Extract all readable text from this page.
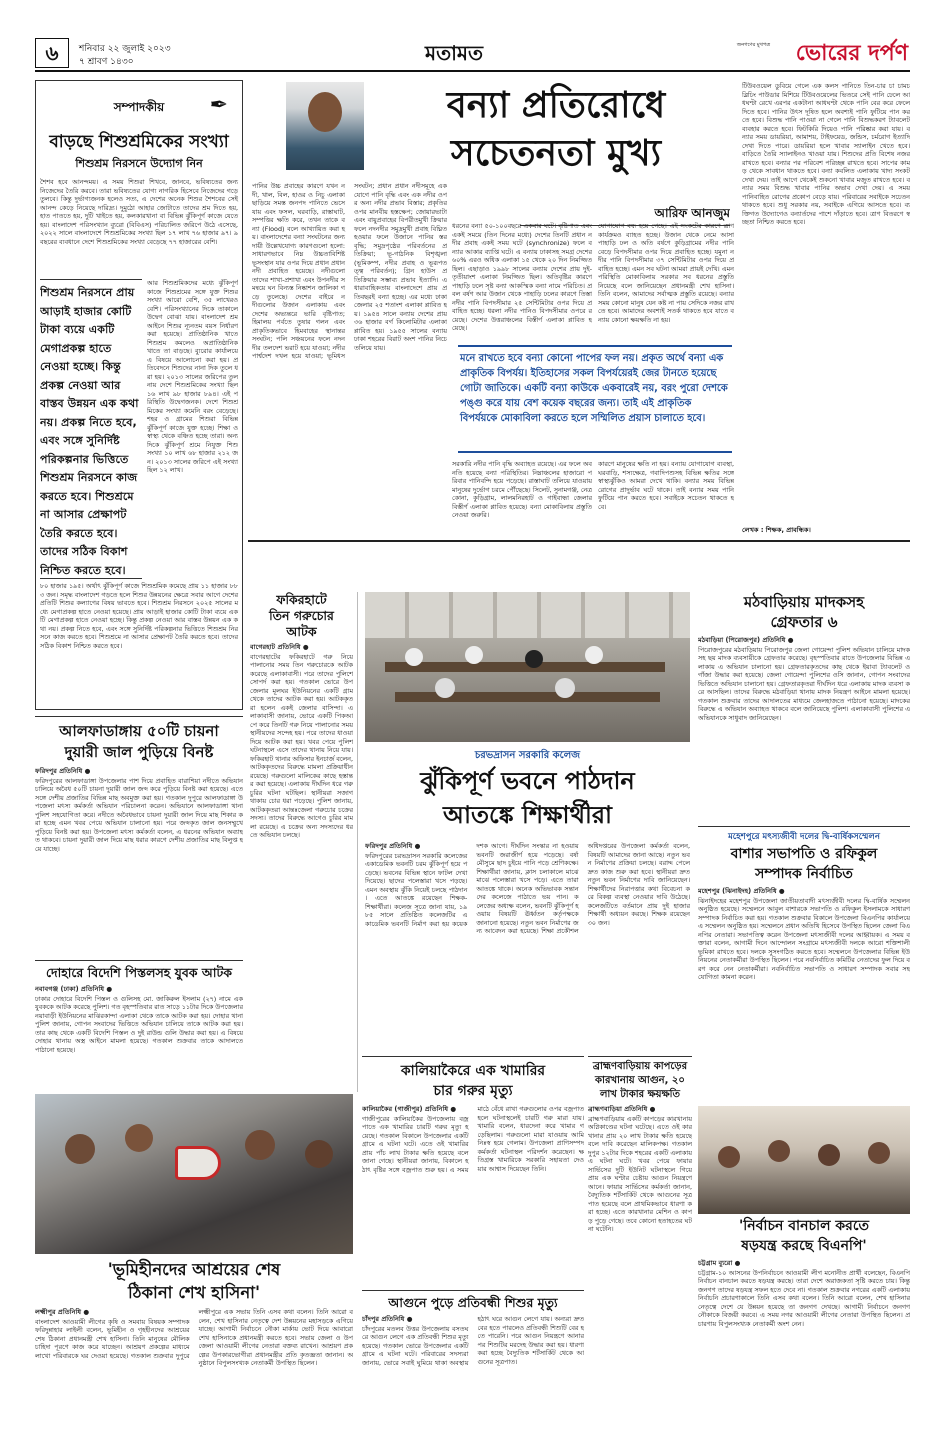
৬	শনিবার ২২ জুলাই ২০২৩
৭ শ্রাবণ ১৪৩০	মতামত	জনগণের মুখপত্র ভোরের দর্পণ
সম্পাদকীয়	✒
বাড়ছে শিশুশ্রমিকের সংখ্যা
শিশুশ্রম নিরসনে উদ্যোগ নিন
শৈশব হবে আনন্দময়। এ সময় শিশুরা শিখবে, জানবে, ভবিষ্যতের জন্য নিজেদের তৈরি করবে। তারা ভবিষ্যতের যোগ্য নাগরিক হিসেবে নিজেদের গড়ে তুলবে। কিন্তু দুর্ভাগ্যজনক হলেও সত্য, এ দেশের অনেক শিশুর শৈশবের সেই আনন্দ কেড়ে নিয়েছে দারিদ্র্য। দুমুঠো আহার জোটাতে তাদের শ্রম দিতে হয়, হাত পাততে হয়, দুটি খাইতে হয়, কলকারখানা বা বিভিন্ন ঝুঁকিপূর্ণ কাজে যেতে হয়। বাংলাদেশ পরিসংখ্যান ব্যুরো (বিবিএস) পরিচালিত জরিপে উঠে এসেছে, ২০২২ সালে বাংলাদেশে শিশুশ্রমিকের সংখ্যা ছিল ১৭ লাখ ৭৬ হাজার ৯৭। ৯ বছরের ব্যবধানে দেশে শিশুশ্রমিকের সংখ্যা বেড়েছে ৭৭ হাজারের বেশি।
শিশুশ্রম নিরসনে প্রায় আড়াই হাজার কোটি টাকা ব্যয়ে একটি মেগাপ্রকল্প হাতে নেওয়া হচ্ছে। কিন্তু প্রকল্প নেওয়া আর বাস্তব উন্নয়ন এক কথা নয়। প্রকল্প নিতে হবে, এবং সঙ্গে সুনির্দিষ্ট পরিকল্পনার ভিত্তিতে শিশুশ্রম নিরসনে কাজ করতে হবে। শিশুশ্রমে না আসার প্রেক্ষাপট তৈরি করতে হবে। তাদের সঠিক বিকাশ নিশ্চিত করতে হবে।
আর শিশুশ্রমিকদের মধ্যে ঝুঁকিপূর্ণ কাজে শিশুশ্রমের সঙ্গে যুক্ত শিশুর সংখ্যা আরো বেশি, ৩৫ লাখেরও বেশি। পরিসংখ্যানের দিকে তাকালে উদ্বেগ বোঝা যায়। বাংলাদেশ শ্রম আইনে শিশুর ন্যূনতম বয়স নির্ধারণ করা হয়েছে। প্রাতিষ্ঠানিক খাতে শিশুশ্রম কমলেও অপ্রাতিষ্ঠানিক খাতে তা বাড়ছে। ব্যুরোর কার্যালয়ে এ বিষয়ে আলোচনা করা হয়। প্রতিবেদনে শিশুদের নানা দিক তুলে ধরা হয়। ২০১৩ সালের জরিপের তুলনায় দেশে শিশুশ্রমিকের সংখ্যা ছিল ১৬ লাখ ৯৮ হাজার ৮৯৪। এই পরিস্থিতি উদ্বেগজনক। দেশে শিশুশ্রমিকের সংখ্যা কমেনি বরং বেড়েছে। শহর ও গ্রামের শিশুরা বিভিন্ন ঝুঁকিপূর্ণ কাজে যুক্ত হচ্ছে। শিক্ষা ও স্বাস্থ্য থেকে বঞ্চিত হচ্ছে তারা। অন্য দিকে ঝুঁকিপূর্ণ শ্রমে নিযুক্ত শিশু সংখ্যা ১০ লাখ ৬৮ হাজার ২১২ জন। ২০১৩ সালের জরিপে এই সংখ্যা ছিল ১২ লাখ।
৮০ হাজার ১৯৫। অর্থাৎ ঝুঁকিপূর্ণ কাজে শিশুশ্রমিক কমেছে প্রায় ১১ হাজার ৮৮৩ জন। সমৃদ্ধ বাংলাদেশ গড়তে হলে শিশুর উন্নয়নের ক্ষেত্রে সবার আগে দেশের প্রতিটি শিশুর কল্যাণের বিষয় ভাবতে হবে। শিশুশ্রম নিরসনে ২০২৫ সালের মধ্যে মেগাপ্রকল্প হাতে নেওয়া হয়েছে। প্রায় আড়াই হাজার কোটি টাকা ব্যয়ে একটি মেগাপ্রকল্প হাতে নেওয়া হচ্ছে। কিন্তু প্রকল্প নেওয়া আর বাস্তব উন্নয়ন এক কথা নয়। প্রকল্প নিতে হবে, এবং সঙ্গে সুনির্দিষ্ট পরিকল্পনার ভিত্তিতে শিশুশ্রম নিরসনে কাজ করতে হবে। শিশুশ্রমে না আসার প্রেক্ষাপট তৈরি করতে হবে। তাদের সঠিক বিকাশ নিশ্চিত করতে হবে।
বন্যা প্রতিরোধে
সচেতনতা মুখ্য
আরিফ আনজুম
পানির উচ্চ প্রবাহের কারণে যখন নদী, খাল, বিল, হাওর ও নিচু এলাকা ছাড়িয়ে সমস্ত জনপদ পানিতে ভেসে যায় এবং ফসল, ঘরবাড়ি, রাস্তাঘাট, সম্পত্তির ক্ষতি করে, তখন তাকে বন্যা (Flood) বলে আখ্যায়িত করা হয়। বাংলাদেশের বন্যা সংঘটনের জন্য দায়ী উল্লেখযোগ্য কারণগুলো হলো: সাধারণভাবে নিম্ন উচ্চতাবিশিষ্ট ভূসংস্থান যার ওপর দিয়ে প্রধান প্রধান নদী প্রবাহিত হয়েছে। নদীগুলো তাদের শাখা-প্রশাখা এবং উপনদীর সমন্বয়ে ঘন বিন্যস্ত নিষ্কাশন জালিকা গড়ে তুলেছে। দেশের বাইরে নদীগুলোর উজান এলাকায় এবং দেশের অভ্যন্তরে ভারি বৃষ্টিপাত; হিমালয় পর্বতে তুষার গলন এবং প্রাকৃতিকভাবে হিমবাহের স্থানান্তর সংঘটন; পলি সঞ্চয়নের ফলে নদনদীর তলদেশ ভরাট হয়ে যাওয়া; নদীর পার্শ্বদেশ দখল হয়ে যাওয়া; ভূমিধস সংঘটন; প্রধান প্রধান নদীসমূহে একযোগে পানি বৃদ্ধি এবং এক নদীর ওপর অন্য নদীর প্রভাব বিস্তার; প্রকৃতির ওপর মানবীয় হস্তক্ষেপ; জোয়ারভাটা এবং বায়ুপ্রবাহের বিপরীতমুখী ক্রিয়ার ফলে নদনদীর সমুদ্রমুখী প্রবাহ বিঘ্নিত হওয়ার ফলে উজানে পানির স্তর বৃদ্ধি; সমুদ্রপৃষ্ঠের পরিবর্তনের প্রতিক্রিয়া; ভূ-গাঠনিক বিশৃঙ্খলা (ভূমিকম্প, নদীর প্রবাহ ও ভূরূপতত্ত্ব পরিবর্তন); গ্রিন হাউস প্রতিক্রিয়ার সম্ভাব্য প্রভাব ইত্যাদি। এ ধারাবাহিকতায় বাংলাদেশে প্রায় প্রতিবছরই বন্যা হচ্ছে। এর মধ্যে ঢাকা জেলার ২৫ শতাংশ এলাকা প্লাবিত হয়। ১৯৫৪ সালে বন্যায় দেশের প্রায় ৩৬ হাজার বর্গ কিলোমিটার এলাকা প্লাবিত হয়। ১৯৫৫ সালের বন্যায় ঢাকা শহরের বিরাট অংশ পানির নিচে তলিয়ে যায়।
ধরনের বন্যা ৫০-১০০বছরে একবার ঘটে। বৃষ্টিপাত এবং একই সময়ে (তিন দিনের মধ্যে) দেশের তিনটি প্রধান নদীর প্রবাহ একই সময় ঘটে (synchronize) ফলে বন্যার আকার ব্যাপ্তি ঘটে। এ বন্যায় ঢাকাসহ সমগ্র দেশের ৬০% এরও অধিক এলাকা ১৫ থেকে ২০ দিন নিমজ্জিত ছিল। এছাড়াও ১৯৯৮ সালের বন্যায় দেশের প্রায় দুই-তৃতীয়াংশ এলাকা নিমজ্জিত ছিল। অতিবৃষ্টির কারণে পাহাড়ি ঢলে সৃষ্ট বন্যা আকস্মিক বন্যা নামে পরিচিত। প্রবল বর্ষণ আর উজান থেকে পাহাড়ি ঢলের কারণে তিস্তা নদীর পানি বিপদসীমার ২৫ সেন্টিমিটার ওপর দিয়ে প্রবাহিত হচ্ছে। ধরলা নদীর পানিও বিপদসীমার ওপরে রয়েছে। দেশের উত্তরাঞ্চলের বিস্তীর্ণ এলাকা প্লাবিত হয়েছে।
যোগাযোগ বন্ধ হয়ে গেছে। এই সংকটের কারণে ত্রাণ কার্যক্রমও ব্যাহত হচ্ছে। উজান থেকে নেমে আসা পাহাড়ি ঢল ও অতি বর্ষণে কুড়িগ্রামের নদীর পানি বেড়ে বিপদসীমার ওপর দিয়ে প্রবাহিত হচ্ছে। যমুনা নদীর পানি বিপদসীমার ৩৭ সেন্টিমিটার ওপর দিয়ে প্রবাহিত হচ্ছে। এমন সব ঘটনা আমরা প্রায়ই দেখি। এমন পরিস্থিতি মোকাবিলায় সরকার সব ধরনের প্রস্তুতি নিয়েছে বলে জানিয়েছেন প্রধানমন্ত্রী শেখ হাসিনা। তিনি বলেন, আমাদের সর্বাত্মক প্রস্তুতি রয়েছে। বন্যার সময় কোনো মানুষ যেন কষ্ট না পায় সেদিকে নজর রাখতে হবে। আমাদের অবশ্যই সতর্ক থাকতে হবে যাতে বন্যায় কোনো ক্ষয়ক্ষতি না হয়।
মনে রাখতে হবে বন্যা কোনো পাপের ফল নয়। প্রকৃত অর্থে বন্যা এক প্রাকৃতিক বিপর্যয়। ইতিহাসের সকল বিপর্যয়েরই জের টানতে হয়েছে গোটা জাতিকে। একটি বন্যা কাউকে একবারেই নয়, বরং পুরো দেশকে পঙ্গু করে যায় বেশ কয়েক বছরের জন্য। তাই এই প্রাকৃতিক বিপর্যয়কে মোকাবিলা করতে হলে সম্মিলিত প্রয়াস চালাতে হবে।
সরকারি নদীর পানি বৃদ্ধি অব্যাহত রয়েছে। এর ফলে অবনতি হয়েছে বন্যা পরিস্থিতির। নিম্নাঞ্চলের হাজারো পরিবার পানিবন্দি হয়ে পড়েছে। রাস্তাঘাট তলিয়ে যাওয়ায় মানুষের দুর্ভোগ চরমে পৌঁছেছে। সিলেট, সুনামগঞ্জ, নেত্রকোনা, কুড়িগ্রাম, লালমনিরহাট ও গাইবান্ধা জেলার বিস্তীর্ণ এলাকা প্লাবিত হয়েছে। বন্যা মোকাবিলায় প্রস্তুতি নেওয়া জরুরি।
কারণে মানুষের ক্ষতি না হয়। বন্যায় যোগাযোগ ব্যবস্থা, ঘরবাড়ি, শস্যক্ষেত্র, গবাদিপশুসহ বিভিন্ন ক্ষতির সঙ্গে স্বাস্থ্যঝুঁকিও আমরা দেখে থাকি। বন্যার সময় বিভিন্ন রোগের প্রাদুর্ভাব ঘটে থাকে। তাই বন্যার সময় পানি ফুটিয়ে পান করতে হবে। সবাইকে সচেতন থাকতে হবে।
টিউবওয়েল ডুবিয়ে গেলে এক কলস পানিতে তিন-চার চা চামচ ব্লিচিং পাউডার মিশিয়ে টিউবওয়েলের ভিতরে সেই পানি ঢেলে আধঘণ্টা রেখে এরপর একটানা আধঘণ্টা থেকে পানি বের করে ফেলে দিতে হবে। পানির উৎস দূষিত হলে অবশ্যই পানি ফুটিয়ে পান করতে হবে। বিশুদ্ধ পানি পাওয়া না গেলে পানি বিশুদ্ধকরণ ট্যাবলেট ব্যবহার করতে হবে। ফিটকিরি দিয়েও পানি পরিষ্কার করা যায়। বন্যার সময় ডায়রিয়া, আমাশয়, টাইফয়েড, জন্ডিস, চর্মরোগ ইত্যাদি দেখা দিতে পারে। ডায়রিয়া হলে খাবার স্যালাইন খেতে হবে। বাড়িতে তৈরি স্যালাইনও খাওয়া যায়। শিশুদের প্রতি বিশেষ নজর রাখতে হবে। বন্যার পর পরিবেশ পরিচ্ছন্ন রাখতে হবে। সাপের কামড় থেকে সাবধান থাকতে হবে। বন্যা কবলিত এলাকায় খাদ্য সংকট দেখা দেয়। তাই আগে থেকেই শুকনো খাবার মজুত রাখতে হবে। বন্যার সময় বিশুদ্ধ খাবার পানির অভাব দেখা দেয়। এ সময় পানিবাহিত রোগের প্রকোপ বেড়ে যায়। পরিবারের সবাইকে সচেতন থাকতে হবে। শুধু সরকার নয়, সবাইকে এগিয়ে আসতে হবে। ব্যক্তিগত উদ্যোগেও বন্যার্তদের পাশে দাঁড়াতে হবে। ত্রাণ বিতরণে স্বচ্ছতা নিশ্চিত করতে হবে।
লেখক : শিক্ষক, প্রাবন্ধিক।
আলফাডাঙ্গায় ৫০টি চায়না
দুয়ারী জাল পুড়িয়ে বিনষ্ট
ফরিদপুর প্রতিনিধি ●
ফরিদপুরের আলফাডাঙ্গা উপজেলার পাশ দিয়ে প্রবাহিত বারাশিয়া নদীতে অভিযান চালিয়ে অবৈধ ৫০টি চায়না দুয়ারী জাল জব্দ করে পুড়িয়ে বিনষ্ট করা হয়েছে। এতে সঙ্গে দেশীয় প্রজাতির বিভিন্ন মাছ অবমুক্ত করা হয়। গতকাল দুপুরে আলফাডাঙ্গা উপজেলা মৎস্য কর্মকর্তা অভিযান পরিচালনা করেন। অভিযানে আলফাডাঙ্গা থানা পুলিশ সহযোগিতা করে। নদীতে অবৈধভাবে চায়না দুয়ারী জাল দিয়ে মাছ শিকার করা হচ্ছে এমন খবর পেয়ে অভিযান চালানো হয়। পরে জব্দকৃত জাল জনসম্মুখে পুড়িয়ে বিনষ্ট করা হয়। উপজেলা মৎস্য কর্মকর্তা বলেন, এ ধরনের অভিযান অব্যাহত থাকবে। চায়না দুয়ারী জাল দিয়ে মাছ ধরার কারণে দেশীয় প্রজাতির মাছ বিলুপ্ত হয়ে যাচ্ছে।
দোহারে বিদেশি পিস্তলসহ যুবক আটক
নবাবগঞ্জ (ঢাকা) প্রতিনিধি ●
ঢাকার দোহারে বিদেশি পিস্তল ও গুলিসহ মো. জাকিরুল ইসলাম (২৭) নামে এক যুবককে আটক করেছে পুলিশ। গত বৃহস্পতিবার রাত সাড়ে ১১টার দিকে উপজেলার নয়াবাড়ী ইউনিয়নের মাঝিরকান্দা এলাকা থেকে তাকে আটক করা হয়। দোহার থানা পুলিশ জানায়, গোপন সংবাদের ভিত্তিতে অভিযান চালিয়ে তাকে আটক করা হয়। তার কাছ থেকে একটি বিদেশি পিস্তল ও দুই রাউন্ড গুলি উদ্ধার করা হয়। এ বিষয়ে দোহার থানায় অস্ত্র আইনে মামলা হয়েছে। গতকাল শুক্রবার তাকে আদালতে পাঠানো হয়েছে।
'ভূমিহীনদের আশ্রয়ের শেষ
ঠিকানা শেখ হাসিনা'
লক্ষ্মীপুর প্রতিনিধি ●
বাংলাদেশ আওয়ামী লীগের কৃষি ও সমবায় বিষয়ক সম্পাদক ফরিদুন্নাহার লাইলী বলেন, ভূমিহীন ও গৃহহীনদের আশ্রয়ের শেষ ঠিকানা প্রধানমন্ত্রী শেখ হাসিনা। তিনি মানুষের মৌলিক চাহিদা পূরণে কাজ করে যাচ্ছেন। আশ্রয়ণ প্রকল্পের মাধ্যমে লাখো পরিবারকে ঘর দেওয়া হয়েছে। গতকাল শুক্রবার দুপুরে লক্ষ্মীপুরে এক সভায় তিনি এসব কথা বলেন। তিনি আরো বলেন, শেখ হাসিনার নেতৃত্বে দেশ উন্নয়নের মহাসড়কে এগিয়ে যাচ্ছে। আগামী নির্বাচনে নৌকা মার্কায় ভোট দিয়ে আবারো শেখ হাসিনাকে প্রধানমন্ত্রী করতে হবে। সভায় জেলা ও উপজেলা আওয়ামী লীগের নেতারা বক্তব্য রাখেন। আশ্রয়ণ প্রকল্পের উপকারভোগীরা প্রধানমন্ত্রীর প্রতি কৃতজ্ঞতা জানান। অনুষ্ঠানে বিপুলসংখ্যক নেতাকর্মী উপস্থিত ছিলেন।
ফকিরহাটে
তিন গরুচোর
আটক
বাগেরহাট প্রতিনিধি ●
বাগেরহাটের ফকিরহাটে গরু নিয়ে পালানোর সময় তিন গরুচোরকে আটক করেছে এলাকাবাসী। পরে তাদের পুলিশে সোপর্দ করা হয়। গতকাল ভোরে উপজেলার মূলঘর ইউনিয়নের একটি গ্রাম থেকে তাদের আটক করা হয়। আটককৃতরা হলেন একই জেলার বাসিন্দা। এলাকাবাসী জানায়, ভোরে একটি পিকআপে করে তিনটি গরু নিয়ে পালানোর সময় স্থানীয়দের সন্দেহ হয়। পরে তাদের ধাওয়া দিয়ে আটক করা হয়। খবর পেয়ে পুলিশ ঘটনাস্থলে এসে তাদের থানায় নিয়ে যায়। ফকিরহাট থানার অফিসার ইনচার্জ বলেন, আটককৃতদের বিরুদ্ধে মামলা প্রক্রিয়াধীন রয়েছে। গরুগুলো মালিকের কাছে হস্তান্তর করা হয়েছে। এলাকায় দীর্ঘদিন ধরে গরু চুরির ঘটনা ঘটছিল। স্থানীয়রা সজাগ থাকায় চোর ধরা পড়েছে। পুলিশ জানায়, আটককৃতরা আন্তঃজেলা গরুচোর চক্রের সদস্য। তাদের বিরুদ্ধে আগেও চুরির মামলা রয়েছে। এ চক্রের অন্য সদস্যদের ধরতে অভিযান চলছে।
চরভদ্রাসন সরকারি কলেজ
ঝুঁকিপূর্ণ ভবনে পাঠদান
আতঙ্কে শিক্ষার্থীরা
ফরিদপুর প্রতিনিধি ●
ফরিদপুরের চরভদ্রাসন সরকারি কলেজের একাডেমিক ভবনটি চরম ঝুঁকিপূর্ণ হয়ে পড়েছে। ভবনের বিভিন্ন স্থানে ফাটল দেখা দিয়েছে। ছাদের পলেস্তারা খসে পড়ছে। এমন অবস্থায় ঝুঁকি নিয়েই চলছে পাঠদান। এতে আতঙ্কে রয়েছেন শিক্ষক-শিক্ষার্থীরা। কলেজ সূত্রে জানা যায়, ১৯৮৫ সালে প্রতিষ্ঠিত কলেজটির একাডেমিক ভবনটি নির্মাণ করা হয় কয়েক দশক আগে। দীর্ঘদিন সংস্কার না হওয়ায় ভবনটি জরাজীর্ণ হয়ে পড়েছে। বর্ষা মৌসুমে ছাদ চুইয়ে পানি পড়ে শ্রেণিকক্ষে। শিক্ষার্থীরা জানায়, ক্লাস চলাকালে মাঝে মাঝে পলেস্তারা খসে পড়ে। এতে তারা আতঙ্কে থাকে। অনেক অভিভাবক সন্তানদের কলেজে পাঠাতে ভয় পান। কলেজের অধ্যক্ষ বলেন, ভবনটি ঝুঁকিপূর্ণ হওয়ায় বিষয়টি ঊর্ধ্বতন কর্তৃপক্ষকে জানানো হয়েছে। নতুন ভবন নির্মাণের জন্য আবেদন করা হয়েছে। শিক্ষা প্রকৌশল অধিদপ্তরের উপজেলা কর্মকর্তা বলেন, বিষয়টি আমাদের জানা আছে। নতুন ভবন নির্মাণের প্রক্রিয়া চলছে। বরাদ্দ পেলে দ্রুত কাজ শুরু করা হবে। স্থানীয়রা দ্রুত নতুন ভবন নির্মাণের দাবি জানিয়েছেন। শিক্ষার্থীদের নিরাপত্তার কথা বিবেচনা করে বিকল্প ব্যবস্থা নেওয়ার দাবি উঠেছে। কলেজটিতে বর্তমানে প্রায় দুই হাজার শিক্ষার্থী অধ্যয়ন করছে। শিক্ষক রয়েছেন ৩০ জন।
কালিয়াকৈরে এক খামারির
চার গরুর মৃত্যু
কালিয়াকৈর (গাজীপুর) প্রতিনিধি ●
গাজীপুরের কালিয়াকৈর উপজেলায় বজ্রপাতে এক খামারির চারটি গরুর মৃত্যু হয়েছে। গতকাল বিকালে উপজেলার একটি গ্রামে এ ঘটনা ঘটে। এতে ওই খামারির প্রায় পাঁচ লাখ টাকার ক্ষতি হয়েছে বলে জানা গেছে। স্থানীয়রা জানায়, বিকালে হঠাৎ বৃষ্টির সঙ্গে বজ্রপাত শুরু হয়। এ সময় মাঠে বেঁধে রাখা গরুগুলোর ওপর বজ্রপাত হলে ঘটনাস্থলেই চারটি গরু মারা যায়। খামারি বলেন, ধারদেনা করে খামার গড়েছিলাম। গরুগুলো মারা যাওয়ায় আমি নিঃস্ব হয়ে গেলাম। উপজেলা প্রাণিসম্পদ কর্মকর্তা ঘটনাস্থল পরিদর্শন করেছেন। ক্ষতিগ্রস্ত খামারিকে সরকারি সহায়তা দেওয়ার আশ্বাস দিয়েছেন তিনি।
আগুনে পুড়ে প্রতিবন্ধী শিশুর মৃত্যু
চাঁদপুর প্রতিনিধি ●
চাঁদপুরের মতলব উত্তর উপজেলায় বসতঘরে আগুন লেগে এক প্রতিবন্ধী শিশুর মৃত্যু হয়েছে। গতকাল ভোরে উপজেলার একটি গ্রামে এ ঘটনা ঘটে। পরিবারের সদস্যরা জানায়, ভোরে সবাই ঘুমিয়ে থাকা অবস্থায় হঠাৎ ঘরে আগুন লেগে যায়। অন্যরা দ্রুত বের হতে পারলেও প্রতিবন্ধী শিশুটি বের হতে পারেনি। পরে আগুন নিয়ন্ত্রণে আনার পর শিশুটির মরদেহ উদ্ধার করা হয়। ধারণা করা হচ্ছে বৈদ্যুতিক শর্টসার্কিট থেকে আগুনের সূত্রপাত।
ব্রাহ্মণবাড়িয়ায় কাপড়ের
কারখানায় আগুন, ২০
লাখ টাকার ক্ষয়ক্ষতি
ব্রাহ্মণবাড়িয়া প্রতিনিধি ●
ব্রাহ্মণবাড়িয়ায় একটি কাপড়ের কারখানায় অগ্নিকাণ্ডের ঘটনা ঘটেছে। এতে ওই কারখানার প্রায় ২০ লাখ টাকার ক্ষতি হয়েছে বলে দাবি করেছেন মালিকপক্ষ। গতকাল দুপুর ১২টার দিকে শহরের একটি এলাকায় এ ঘটনা ঘটে। খবর পেয়ে ফায়ার সার্ভিসের দুটি ইউনিট ঘটনাস্থলে গিয়ে প্রায় এক ঘণ্টার চেষ্টায় আগুন নিয়ন্ত্রণে আনে। ফায়ার সার্ভিসের কর্মকর্তা জানান, বৈদ্যুতিক শর্টসার্কিট থেকে আগুনের সূত্রপাত হয়েছে বলে প্রাথমিকভাবে ধারণা করা হচ্ছে। এতে কারখানার মেশিন ও কাপড় পুড়ে গেছে। তবে কোনো হতাহতের ঘটনা ঘটেনি।
মঠবাড়িয়ায় মাদকসহ
গ্রেফতার ৬
মঠবাড়িয়া (পিরোজপুর) প্রতিনিধি ●
পিরোজপুরের মঠবাড়িয়ায় পিরোজপুর জেলা গোয়েন্দা পুলিশ অভিযান চালিয়ে মাদকসহ ছয় মাদক ব্যবসায়ীকে গ্রেফতার করেছে। বৃহস্পতিবার রাতে উপজেলার বিভিন্ন এলাকায় এ অভিযান চালানো হয়। গ্রেফতারকৃতদের কাছ থেকে ইয়াবা ট্যাবলেট ও গাঁজা উদ্ধার করা হয়েছে। জেলা গোয়েন্দা পুলিশের ওসি জানান, গোপন সংবাদের ভিত্তিতে অভিযান চালানো হয়। গ্রেফতারকৃতরা দীর্ঘদিন ধরে এলাকায় মাদক ব্যবসা করে আসছিল। তাদের বিরুদ্ধে মঠবাড়িয়া থানায় মাদক নিয়ন্ত্রণ আইনে মামলা হয়েছে। গতকাল শুক্রবার তাদের আদালতের মাধ্যমে জেলহাজতে পাঠানো হয়েছে। মাদকের বিরুদ্ধে এ অভিযান অব্যাহত থাকবে বলে জানিয়েছে পুলিশ। এলাকাবাসী পুলিশের এ অভিযানকে সাধুবাদ জানিয়েছেন।
মহেশপুরে মৎস্যজীবী দলের দ্বি-বার্ষিকসম্মেলন
বাশার সভাপতি ও রফিকুল
সম্পাদক নির্বাচিত
মহেশপুর (ঝিনাইদহ) প্রতিনিধি ●
ঝিনাইদহের মহেশপুর উপজেলা জাতীয়তাবাদী মৎস্যজীবী দলের দ্বি-বার্ষিক সম্মেলন অনুষ্ঠিত হয়েছে। সম্মেলনে আবুল বাশারকে সভাপতি ও রফিকুল ইসলামকে সাধারণ সম্পাদক নির্বাচিত করা হয়। গতকাল শুক্রবার বিকালে উপজেলা বিএনপির কার্যালয়ে এ সম্মেলন অনুষ্ঠিত হয়। সম্মেলনে প্রধান অতিথি হিসেবে উপস্থিত ছিলেন জেলা বিএনপির নেতারা। সভাপতিত্ব করেন উপজেলা মৎস্যজীবী দলের আহ্বায়ক। এ সময় বক্তারা বলেন, আগামী দিনে আন্দোলন সংগ্রামে মৎস্যজীবী দলকে আরো শক্তিশালী ভূমিকা রাখতে হবে। দলকে সুসংগঠিত করতে হবে। সম্মেলনে উপজেলার বিভিন্ন ইউনিয়নের নেতাকর্মীরা উপস্থিত ছিলেন। পরে নবনির্বাচিত কমিটির নেতাদের ফুল দিয়ে বরণ করে নেন নেতাকর্মীরা। নবনির্বাচিত সভাপতি ও সাধারণ সম্পাদক সবার সহযোগিতা কামনা করেন।
'নির্বাচন বানচাল করতে
ষড়যন্ত্র করছে বিএনপি'
চট্টগ্রাম ব্যুরো ●
চট্টগ্রাম-১০ আসনের উপনির্বাচনে আওয়ামী লীগ মনোনীত প্রার্থী বলেছেন, বিএনপি নির্বাচন বানচাল করতে ষড়যন্ত্র করছে। তারা দেশে অরাজকতা সৃষ্টি করতে চায়। কিন্তু জনগণ তাদের ষড়যন্ত্র সফল হতে দেবে না। গতকাল শুক্রবার নগরের একটি এলাকায় নির্বাচনি প্রচারণাকালে তিনি এসব কথা বলেন। তিনি আরো বলেন, শেখ হাসিনার নেতৃত্বে দেশে যে উন্নয়ন হয়েছে তা জনগণ দেখছে। আগামী নির্বাচনে জনগণ নৌকাকে বিজয়ী করবে। এ সময় নগর আওয়ামী লীগের নেতারা উপস্থিত ছিলেন। প্রচারণায় বিপুলসংখ্যক নেতাকর্মী অংশ নেন।
